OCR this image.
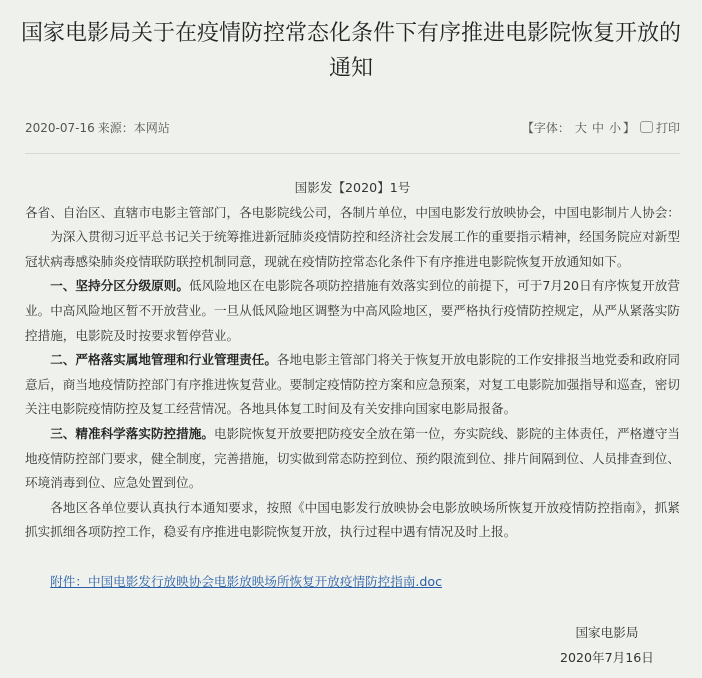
国家电影局关于在疫情防控常态化条件下有序推进电影院恢复开放的通知
2020-07-16 来源：本网站	【字体： 大 中 小 】 打印

国影发【2020】1号

各省、自治区、直辖市电影主管部门，各电影院线公司，各制片单位，中国电影发行放映协会，中国电影制片人协会：

为深入贯彻习近平总书记关于统筹推进新冠肺炎疫情防控和经济社会发展工作的重要指示精神，经国务院应对新型冠状病毒感染肺炎疫情联防联控机制同意，现就在疫情防控常态化条件下有序推进电影院恢复开放通知如下。

一、坚持分区分级原则。低风险地区在电影院各项防控措施有效落实到位的前提下，可于7月20日有序恢复开放营业。中高风险地区暂不开放营业。一旦从低风险地区调整为中高风险地区，要严格执行疫情防控规定，从严从紧落实防控措施，电影院及时按要求暂停营业。

二、严格落实属地管理和行业管理责任。各地电影主管部门将关于恢复开放电影院的工作安排报当地党委和政府同意后，商当地疫情防控部门有序推进恢复营业。要制定疫情防控方案和应急预案，对复工电影院加强指导和巡查，密切关注电影院疫情防控及复工经营情况。各地具体复工时间及有关安排向国家电影局报备。

三、精准科学落实防控措施。电影院恢复开放要把防疫安全放在第一位，夯实院线、影院的主体责任，严格遵守当地疫情防控部门要求，健全制度，完善措施，切实做到常态防控到位、预约限流到位、排片间隔到位、人员排查到位、环境消毒到位、应急处置到位。

各地区各单位要认真执行本通知要求，按照《中国电影发行放映协会电影放映场所恢复开放疫情防控指南》，抓紧抓实抓细各项防控工作，稳妥有序推进电影院恢复开放，执行过程中遇有情况及时上报。

附件：中国电影发行放映协会电影放映场所恢复开放疫情防控指南.doc

国家电影局
2020年7月16日
